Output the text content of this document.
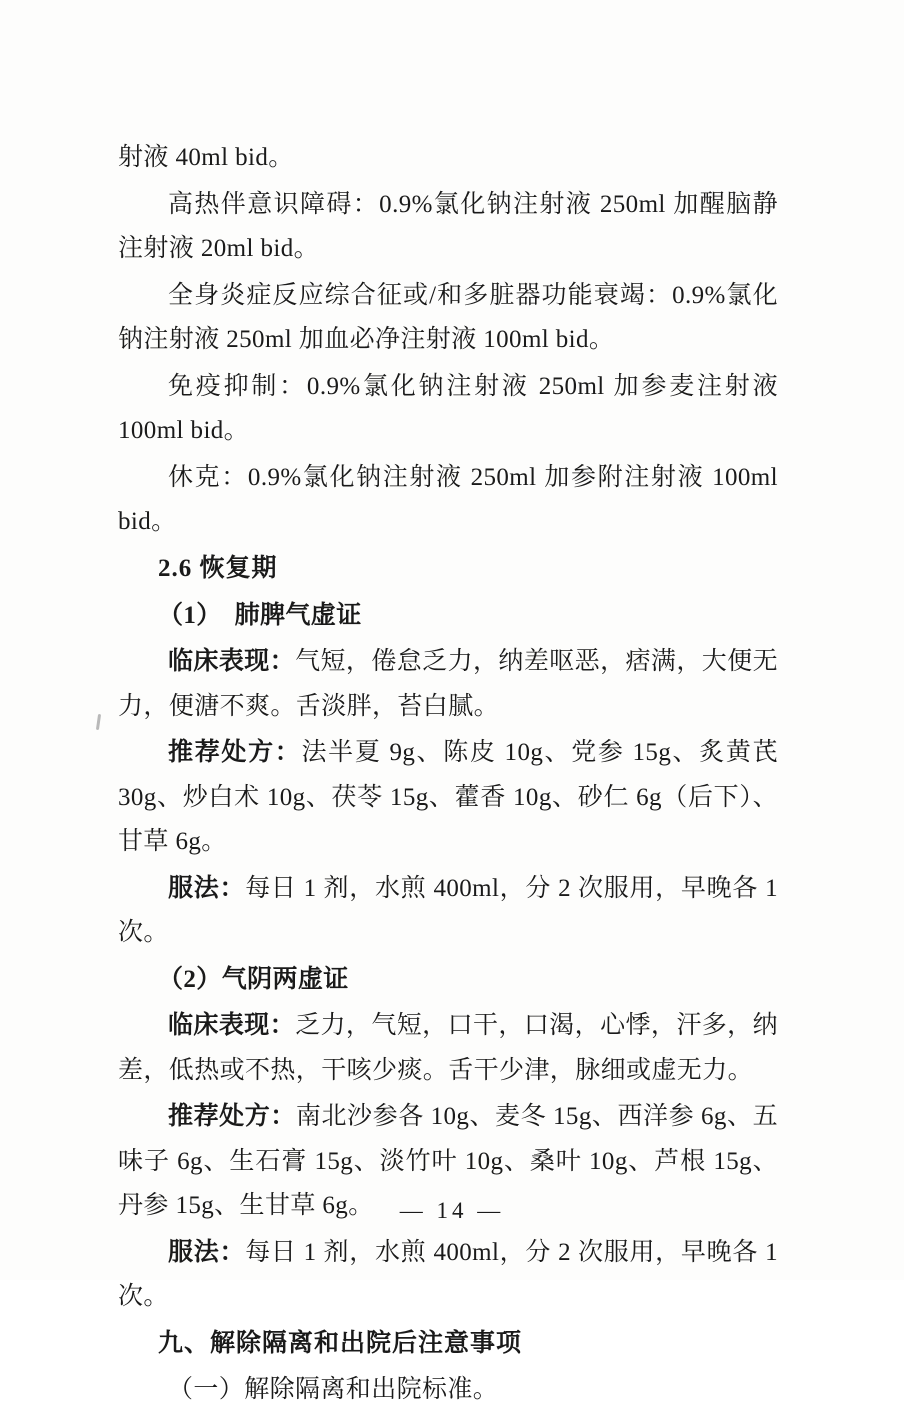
射液 40ml bid。

高热伴意识障碍：0.9%氯化钠注射液 250ml 加醒脑静注射液 20ml bid。

全身炎症反应综合征或/和多脏器功能衰竭：0.9%氯化钠注射液 250ml 加血必净注射液 100ml bid。

免疫抑制：0.9%氯化钠注射液 250ml 加参麦注射液 100ml bid。

休克：0.9%氯化钠注射液 250ml 加参附注射液 100ml bid。

2.6 恢复期

（1）　肺脾气虚证

临床表现：气短，倦怠乏力，纳差呕恶，痞满，大便无力，便溏不爽。舌淡胖，苔白腻。

推荐处方：法半夏 9g、陈皮 10g、党参 15g、炙黄芪 30g、炒白术 10g、茯苓 15g、藿香 10g、砂仁 6g（后下）、甘草 6g。

服法：每日 1 剂，水煎 400ml，分 2 次服用，早晚各 1 次。

（2）气阴两虚证

临床表现：乏力，气短，口干，口渴，心悸，汗多，纳差，低热或不热，干咳少痰。舌干少津，脉细或虚无力。

推荐处方：南北沙参各 10g、麦冬 15g、西洋参 6g、五味子 6g、生石膏 15g、淡竹叶 10g、桑叶 10g、芦根 15g、丹参 15g、生甘草 6g。

服法：每日 1 剂，水煎 400ml，分 2 次服用，早晚各 1 次。

九、解除隔离和出院后注意事项

（一）解除隔离和出院标准。

— 14 —
